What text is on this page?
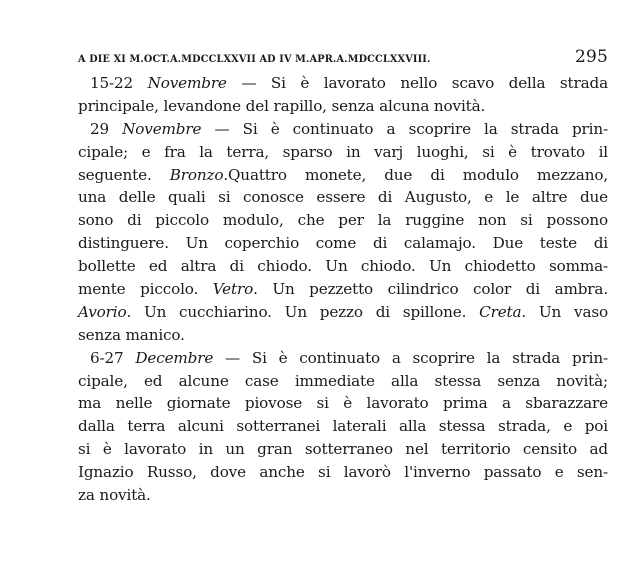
A DIE XI M.OCT.A.MDCCLXXVII AD IV M.APR.A.MDCCLXXVIII.	295
15-22 Novembre — Si è lavorato nello scavo della strada
principale, levandone del rapillo, senza alcuna novità.
29 Novembre — Si è continuato a scoprire la strada prin-
cipale; e fra la terra, sparso in varj luoghi, si è trovato il
seguente. Bronzo.Quattro monete, due di modulo mezzano,
una delle quali si conosce essere di Augusto, e le altre due
sono di piccolo modulo, che per la ruggine non si possono
distinguere. Un coperchio come di calamajo. Due teste di
bollette ed altra di chiodo. Un chiodo. Un chiodetto somma-
mente piccolo. Vetro. Un pezzetto cilindrico color di ambra.
Avorio. Un cucchiarino. Un pezzo di spillone. Creta. Un vaso
senza manico.
6-27 Decembre — Si è continuato a scoprire la strada prin-
cipale, ed alcune case immediate alla stessa senza novità;
ma nelle giornate piovose si è lavorato prima a sbarazzare
dalla terra alcuni sotterranei laterali alla stessa strada, e poi
si è lavorato in un gran sotterraneo nel territorio censito ad
Ignazio Russo, dove anche si lavorò l'inverno passato e sen-
za novità.
